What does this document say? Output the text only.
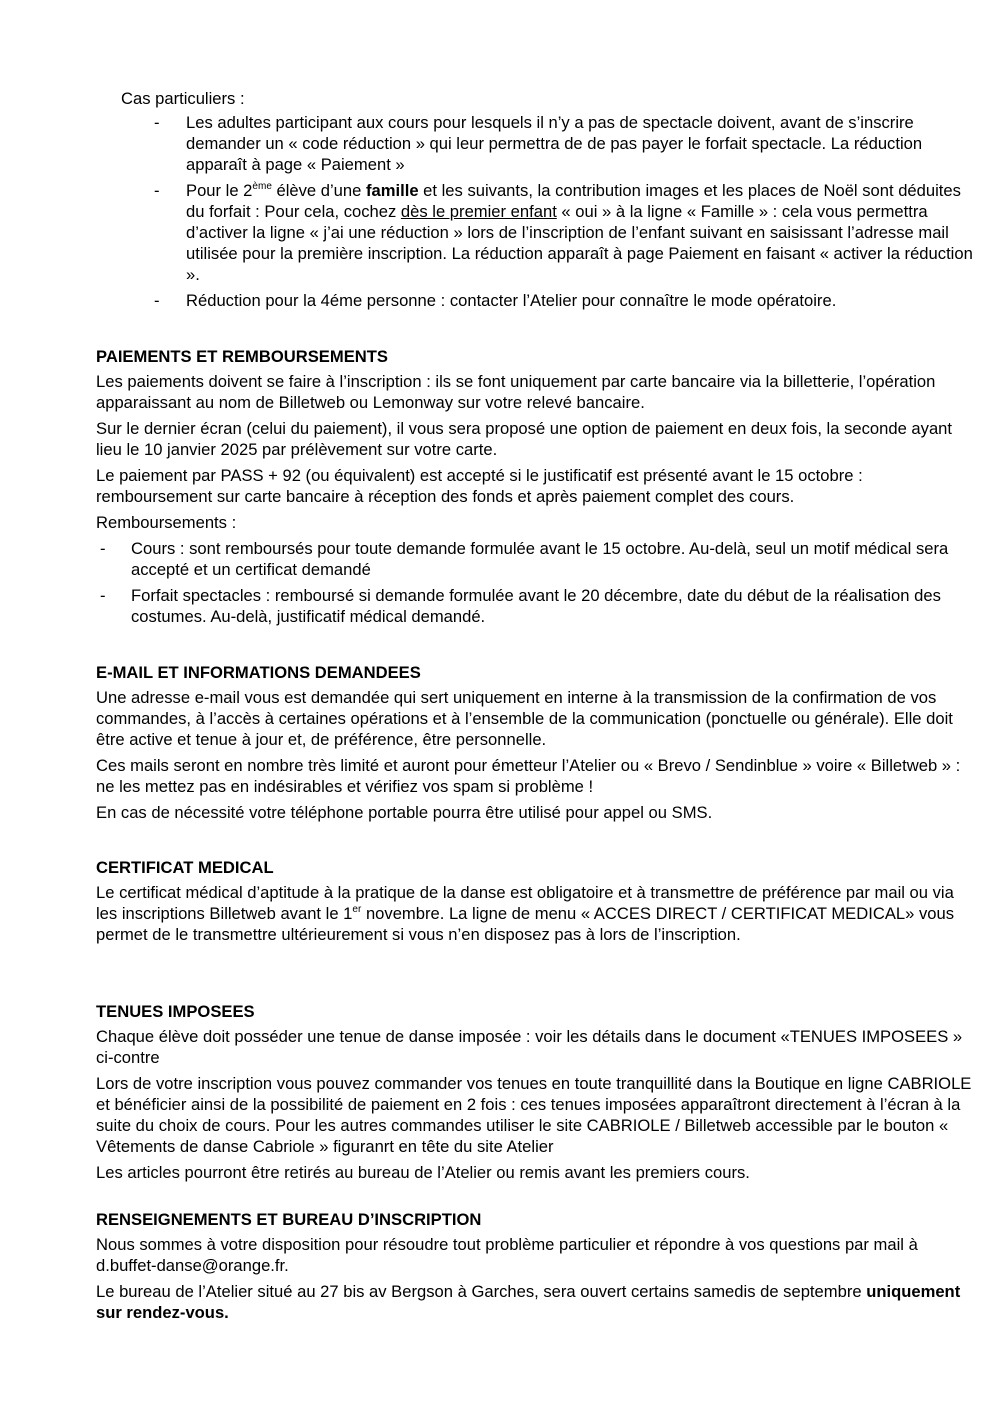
Cas particuliers :
- Les adultes participant aux cours pour lesquels il n’y a pas de spectacle doivent, avant de s’inscrire demander un « code réduction » qui leur permettra de de pas payer le forfait spectacle. La réduction apparaît à page « Paiement »
- Pour le 2ème élève d’une famille et les suivants, la contribution images et les places de Noël sont déduites du forfait : Pour cela, cochez dès le premier enfant « oui » à la ligne « Famille » : cela vous permettra d’activer la ligne « j’ai une réduction » lors de l’inscription de l’enfant suivant en saisissant l’adresse mail utilisée pour la première inscription. La réduction apparaît à page Paiement en faisant « activer la réduction ».
- Réduction pour la 4éme personne : contacter l’Atelier pour connaître le mode opératoire.
PAIEMENTS ET REMBOURSEMENTS

Les paiements doivent se faire à l’inscription : ils se font uniquement par carte bancaire via la billetterie, l’opération apparaissant au nom de Billetweb ou Lemonway sur votre relevé bancaire.

Sur le dernier écran (celui du paiement), il vous sera proposé une option de paiement en deux fois, la seconde ayant lieu le 10 janvier 2025 par prélèvement sur votre carte.

Le paiement par PASS + 92 (ou équivalent) est accepté si le justificatif est présenté avant le 15 octobre : remboursement sur carte bancaire à réception des fonds et après paiement complet des cours.

Remboursements :

- Cours : sont remboursés pour toute demande formulée avant le 15 octobre. Au-delà, seul un motif médical sera accepté et un certificat demandé
- Forfait spectacles : remboursé si demande formulée avant le 20 décembre, date du début de la réalisation des costumes. Au-delà, justificatif médical demandé.
E-MAIL ET INFORMATIONS DEMANDEES

Une adresse e-mail vous est demandée qui sert uniquement en interne à la transmission de la confirmation de vos commandes, à l’accès à certaines opérations et à l’ensemble de la communication (ponctuelle ou générale). Elle doit être active et tenue à jour et, de préférence, être personnelle.

Ces mails seront en nombre très limité et auront pour émetteur l’Atelier ou « Brevo / Sendinblue » voire « Billetweb » : ne les mettez pas en indésirables et vérifiez vos spam si problème !

En cas de nécessité votre téléphone portable pourra être utilisé pour appel ou SMS.

CERTIFICAT MEDICAL

Le certificat médical d’aptitude à la pratique de la danse est obligatoire et à transmettre de préférence par mail ou via les inscriptions Billetweb avant le 1er novembre. La ligne de menu « ACCES DIRECT / CERTIFICAT MEDICAL» vous permet de le transmettre ultérieurement si vous n’en disposez pas à lors de l’inscription.

TENUES IMPOSEES

Chaque élève doit posséder une tenue de danse imposée : voir les détails dans le document «TENUES IMPOSEES » ci-contre

Lors de votre inscription vous pouvez commander vos tenues en toute tranquillité dans la Boutique en ligne CABRIOLE et bénéficier ainsi de la possibilité de paiement en 2 fois : ces tenues imposées apparaîtront directement à l’écran à la suite du choix de cours. Pour les autres commandes utiliser le site CABRIOLE / Billetweb accessible par le bouton « Vêtements de danse Cabriole » figuranrt en tête du site Atelier

Les articles pourront être retirés au bureau de l’Atelier ou remis avant les premiers cours.

RENSEIGNEMENTS ET BUREAU D’INSCRIPTION

Nous sommes à votre disposition pour résoudre tout problème particulier et répondre à vos questions par mail à d.buffet-danse@orange.fr.

Le bureau de l’Atelier situé au 27 bis av Bergson à Garches, sera ouvert certains samedis de septembre uniquement sur rendez-vous.
